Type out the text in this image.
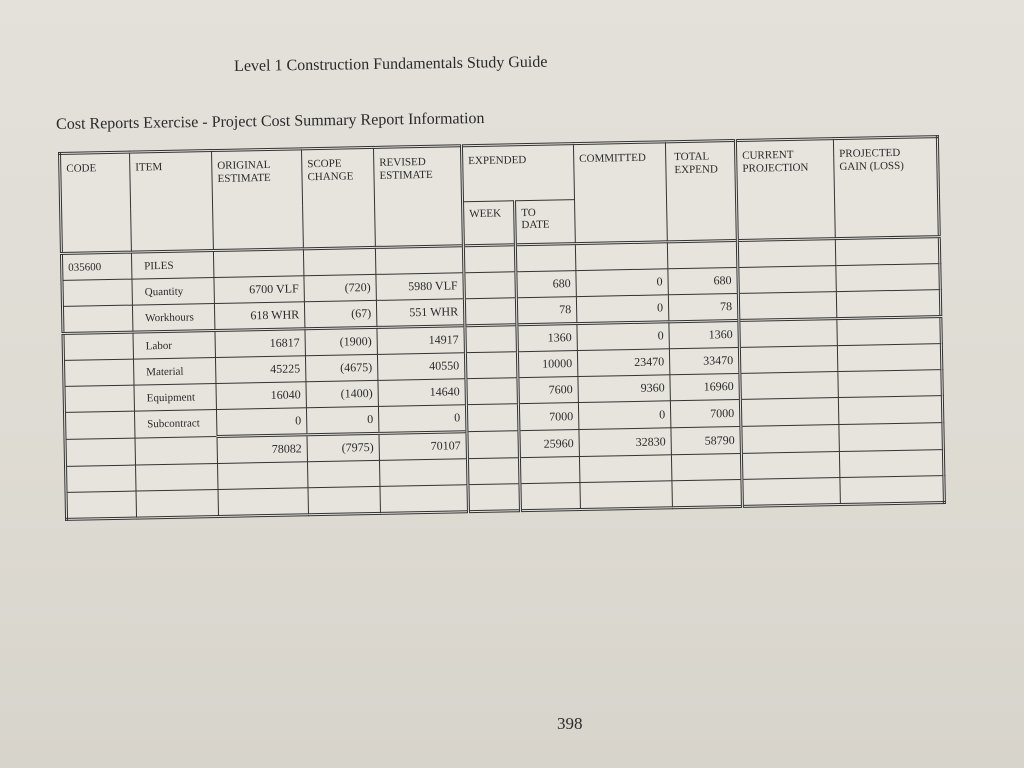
Level 1 Construction Fundamentals Study Guide
Cost Reports Exercise - Project Cost Summary Report Information
CODE	ITEM	ORIGINAL ESTIMATE	SCOPE CHANGE	REVISED ESTIMATE	EXPENDED		COMMITTED	TOTAL EXPEND	CURRENT PROJECTION	PROJECTED GAIN (LOSS)

					WEEK	TO DATE				

035600	PILES									
	Quantity	6700 VLF	(720)	5980 VLF		680	0	680		
	Workhours	618 WHR	(67)	551 WHR		78	0	78		
	Labor	16817	(1900)	14917		1360	0	1360		
	Material	45225	(4675)	40550		10000	23470	33470		
	Equipment	16040	(1400)	14640		7600	9360	16960		
	Subcontract	0	0	0		7000	0	7000		
		78082	(7975)	70107		25960	32830	58790		

398
